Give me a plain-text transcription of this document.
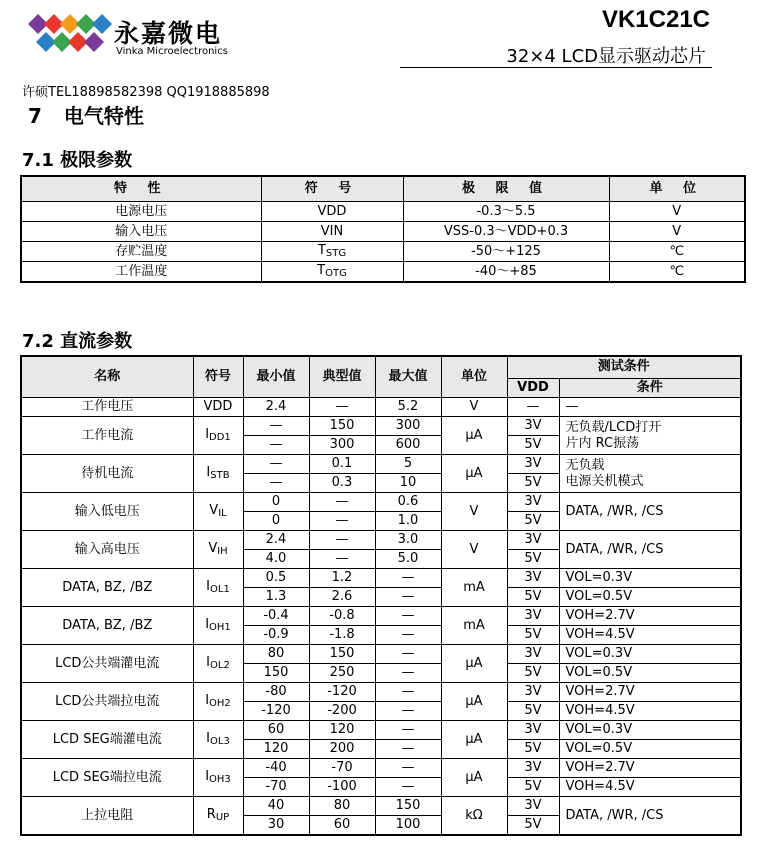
永嘉微电
Vinka Microelectronics
VK1C21C
32×4 LCD显示驱动芯片
许硕TEL18898582398 QQ1918885898
7 电气特性
7.1 极限参数
特 性	符 号	极 限 值	单 位
电源电压	VDD	-0.3～5.5	V
输入电压	VIN	VSS-0.3～VDD+0.3	V
存贮温度	$T_{STG}$	-50～+125	℃
工作温度	$T_{OTG}$	-40～+85	℃
7.2 直流参数
名称	符号	最小值	典型值	最大值	单位	测试条件	
						VDD	条件
工作电压	VDD	2.4	—	5.2	V	—	—
工作电流	$I_{DD1}$	—	150	300	μA	3V	无负载/LCD打开
片内 RC振荡

		—	300	600		5V	
待机电流	$I_{STB}$	—	0.1	5	μA	3V	无负载
电源关机模式

		—	0.3	10		5V	
输入低电压	$V_{IL}$	0	—	0.6	V	3V	DATA, /WR, /CS

		0	—	1.0		5V	
输入高电压	$V_{IH}$	2.4	—	3.0	V	3V	DATA, /WR, /CS

		4.0	—	5.0		5V	
DATA, BZ, /BZ	$I_{OL1}$	0.5	1.2	—	mA	3V	VOL=0.3V
		1.3	2.6	—		5V	VOL=0.5V
DATA, BZ, /BZ	$I_{OH1}$	-0.4	-0.8	—	mA	3V	VOH=2.7V
		-0.9	-1.8	—		5V	VOH=4.5V
LCD公共端灌电流	$I_{OL2}$	80	150	—	μA	3V	VOL=0.3V
		150	250	—		5V	VOL=0.5V
LCD公共端拉电流	$I_{OH2}$	-80	-120	—	μA	3V	VOH=2.7V
		-120	-200	—		5V	VOH=4.5V
LCD SEG端灌电流	$I_{OL3}$	60	120	—	μA	3V	VOL=0.3V
		120	200	—		5V	VOL=0.5V
LCD SEG端拉电流	$I_{OH3}$	-40	-70	—	μA	3V	VOH=2.7V
		-70	-100	—		5V	VOH=4.5V
上拉电阻	$R_{UP}$	40	80	150	kΩ	3V	DATA, /WR, /CS

		30	60	100		5V	
